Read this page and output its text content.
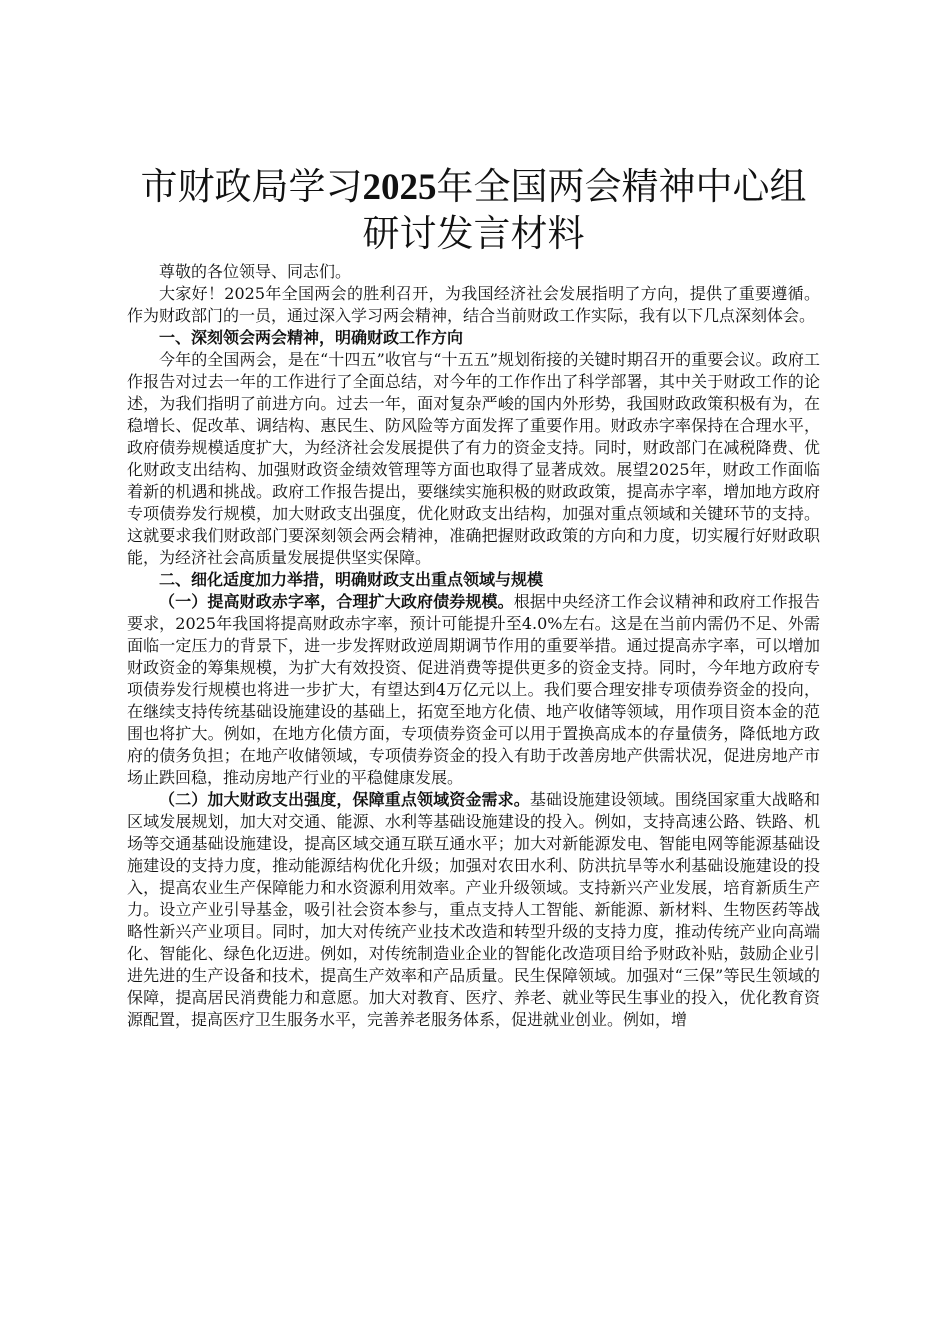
市财政局学习2025年全国两会精神中心组研讨发言材料

尊敬的各位领导、同志们。

大家好！2025年全国两会的胜利召开，为我国经济社会发展指明了方向，提供了重要遵循。作为财政部门的一员，通过深入学习两会精神，结合当前财政工作实际，我有以下几点深刻体会。

一、深刻领会两会精神，明确财政工作方向

今年的全国两会，是在“十四五”收官与“十五五”规划衔接的关键时期召开的重要会议。政府工作报告对过去一年的工作进行了全面总结，对今年的工作作出了科学部署，其中关于财政工作的论述，为我们指明了前进方向。过去一年，面对复杂严峻的国内外形势，我国财政政策积极有为，在稳增长、促改革、调结构、惠民生、防风险等方面发挥了重要作用。财政赤字率保持在合理水平，政府债券规模适度扩大，为经济社会发展提供了有力的资金支持。同时，财政部门在减税降费、优化财政支出结构、加强财政资金绩效管理等方面也取得了显著成效。展望2025年，财政工作面临着新的机遇和挑战。政府工作报告提出，要继续实施积极的财政政策，提高赤字率，增加地方政府专项债券发行规模，加大财政支出强度，优化财政支出结构，加强对重点领域和关键环节的支持。这就要求我们财政部门要深刻领会两会精神，准确把握财政政策的方向和力度，切实履行好财政职能，为经济社会高质量发展提供坚实保障。

二、细化适度加力举措，明确财政支出重点领域与规模

（一）提高财政赤字率，合理扩大政府债券规模。根据中央经济工作会议精神和政府工作报告要求，2025年我国将提高财政赤字率，预计可能提升至4.0%左右。这是在当前内需仍不足、外需面临一定压力的背景下，进一步发挥财政逆周期调节作用的重要举措。通过提高赤字率，可以增加财政资金的筹集规模，为扩大有效投资、促进消费等提供更多的资金支持。同时，今年地方政府专项债券发行规模也将进一步扩大，有望达到4万亿元以上。我们要合理安排专项债券资金的投向，在继续支持传统基础设施建设的基础上，拓宽至地方化债、地产收储等领域，用作项目资本金的范围也将扩大。例如，在地方化债方面，专项债券资金可以用于置换高成本的存量债务，降低地方政府的债务负担；在地产收储领域，专项债券资金的投入有助于改善房地产供需状况，促进房地产市场止跌回稳，推动房地产行业的平稳健康发展。

（二）加大财政支出强度，保障重点领域资金需求。基础设施建设领域。围绕国家重大战略和区域发展规划，加大对交通、能源、水利等基础设施建设的投入。例如，支持高速公路、铁路、机场等交通基础设施建设，提高区域交通互联互通水平；加大对新能源发电、智能电网等能源基础设施建设的支持力度，推动能源结构优化升级；加强对农田水利、防洪抗旱等水利基础设施建设的投入，提高农业生产保障能力和水资源利用效率。产业升级领域。支持新兴产业发展，培育新质生产力。设立产业引导基金，吸引社会资本参与，重点支持人工智能、新能源、新材料、生物医药等战略性新兴产业项目。同时，加大对传统产业技术改造和转型升级的支持力度，推动传统产业向高端化、智能化、绿色化迈进。例如，对传统制造业企业的智能化改造项目给予财政补贴，鼓励企业引进先进的生产设备和技术，提高生产效率和产品质量。民生保障领域。加强对“三保”等民生领域的保障，提高居民消费能力和意愿。加大对教育、医疗、养老、就业等民生事业的投入，优化教育资源配置，提高医疗卫生服务水平，完善养老服务体系，促进就业创业。例如，增
